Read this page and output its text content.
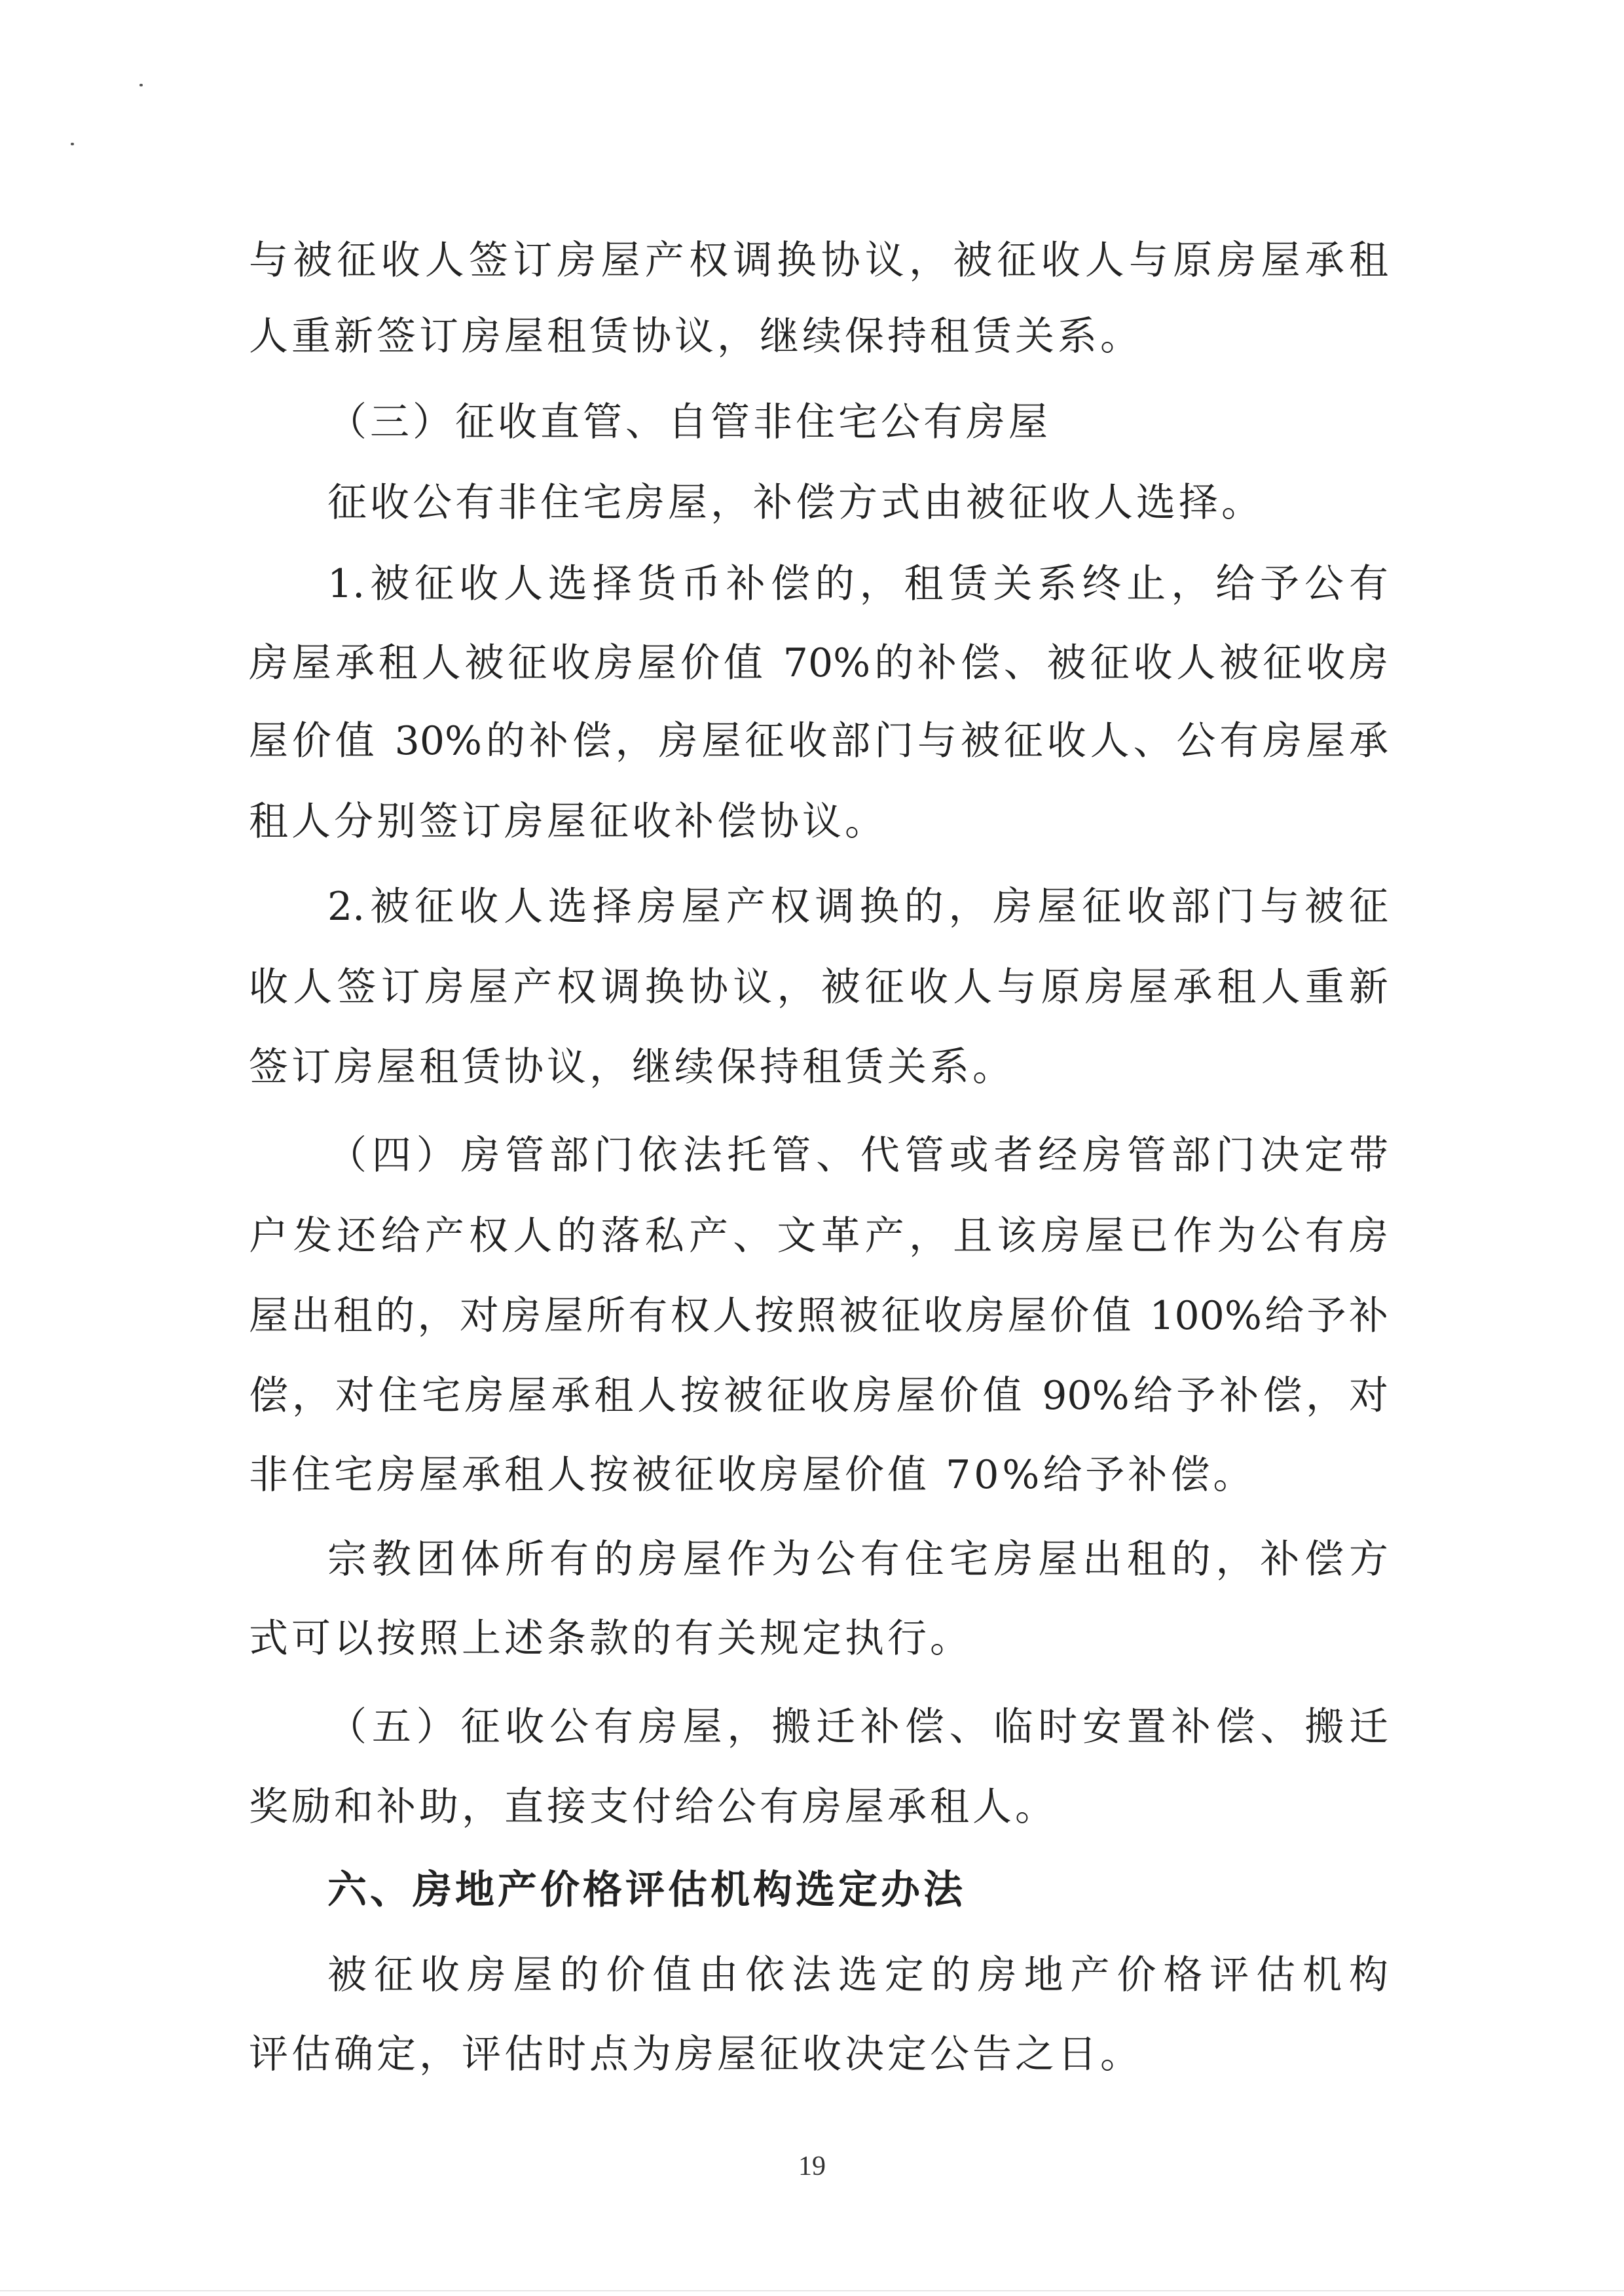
与被征收人签订房屋产权调换协议，被征收人与原房屋承租
人重新签订房屋租赁协议，继续保持租赁关系。
（三）征收直管、自管非住宅公有房屋
征收公有非住宅房屋，补偿方式由被征收人选择。
1.被征收人选择货币补偿的，租赁关系终止，给予公有
房屋承租人被征收房屋价值 70%的补偿、被征收人被征收房
屋价值 30%的补偿，房屋征收部门与被征收人、公有房屋承
租人分别签订房屋征收补偿协议。
2.被征收人选择房屋产权调换的，房屋征收部门与被征
收人签订房屋产权调换协议，被征收人与原房屋承租人重新
签订房屋租赁协议，继续保持租赁关系。
（四）房管部门依法托管、代管或者经房管部门决定带
户发还给产权人的落私产、文革产，且该房屋已作为公有房
屋出租的，对房屋所有权人按照被征收房屋价值 100%给予补
偿，对住宅房屋承租人按被征收房屋价值 90%给予补偿，对
非住宅房屋承租人按被征收房屋价值 70%给予补偿。
宗教团体所有的房屋作为公有住宅房屋出租的，补偿方
式可以按照上述条款的有关规定执行。
（五）征收公有房屋，搬迁补偿、临时安置补偿、搬迁
奖励和补助，直接支付给公有房屋承租人。
六、房地产价格评估机构选定办法
被征收房屋的价值由依法选定的房地产价格评估机构
评估确定，评估时点为房屋征收决定公告之日。
19
